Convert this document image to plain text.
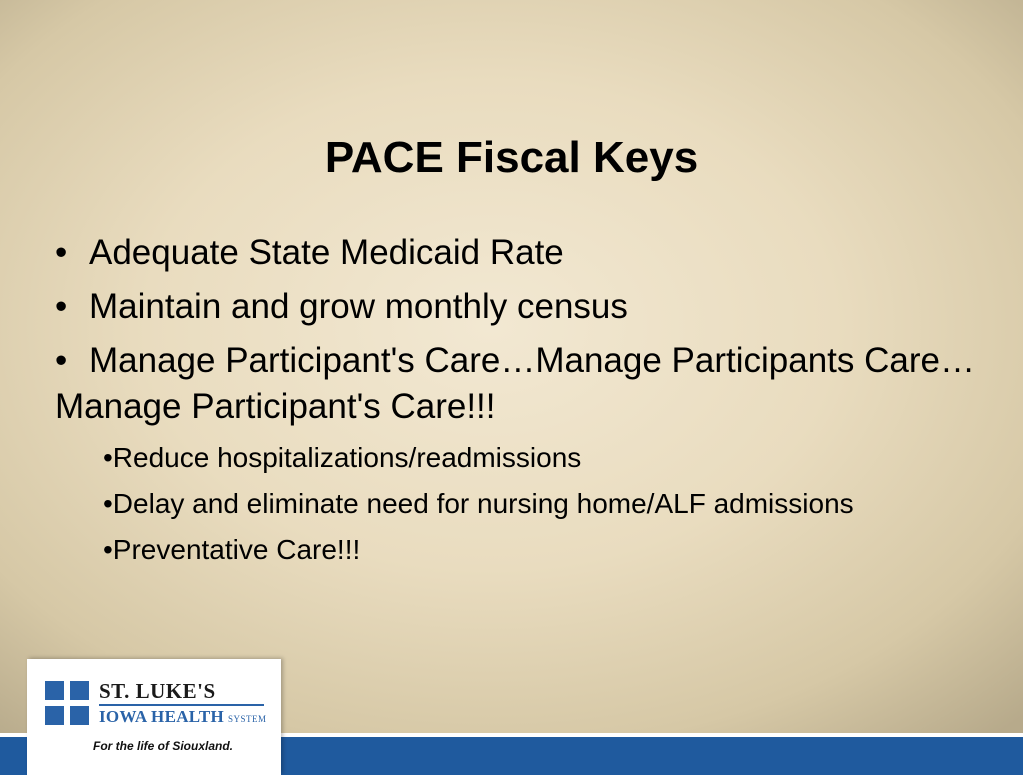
PACE Fiscal Keys
• Adequate State Medicaid Rate
• Maintain and grow monthly census
• Manage Participant's Care…Manage Participants Care… Manage Participant's Care!!!
•Reduce hospitalizations/readmissions
•Delay and eliminate need for nursing home/ALF admissions
•Preventative Care!!!
ST. LUKE'S
IOWA HEALTH SYSTEM
For the life of Siouxland.
